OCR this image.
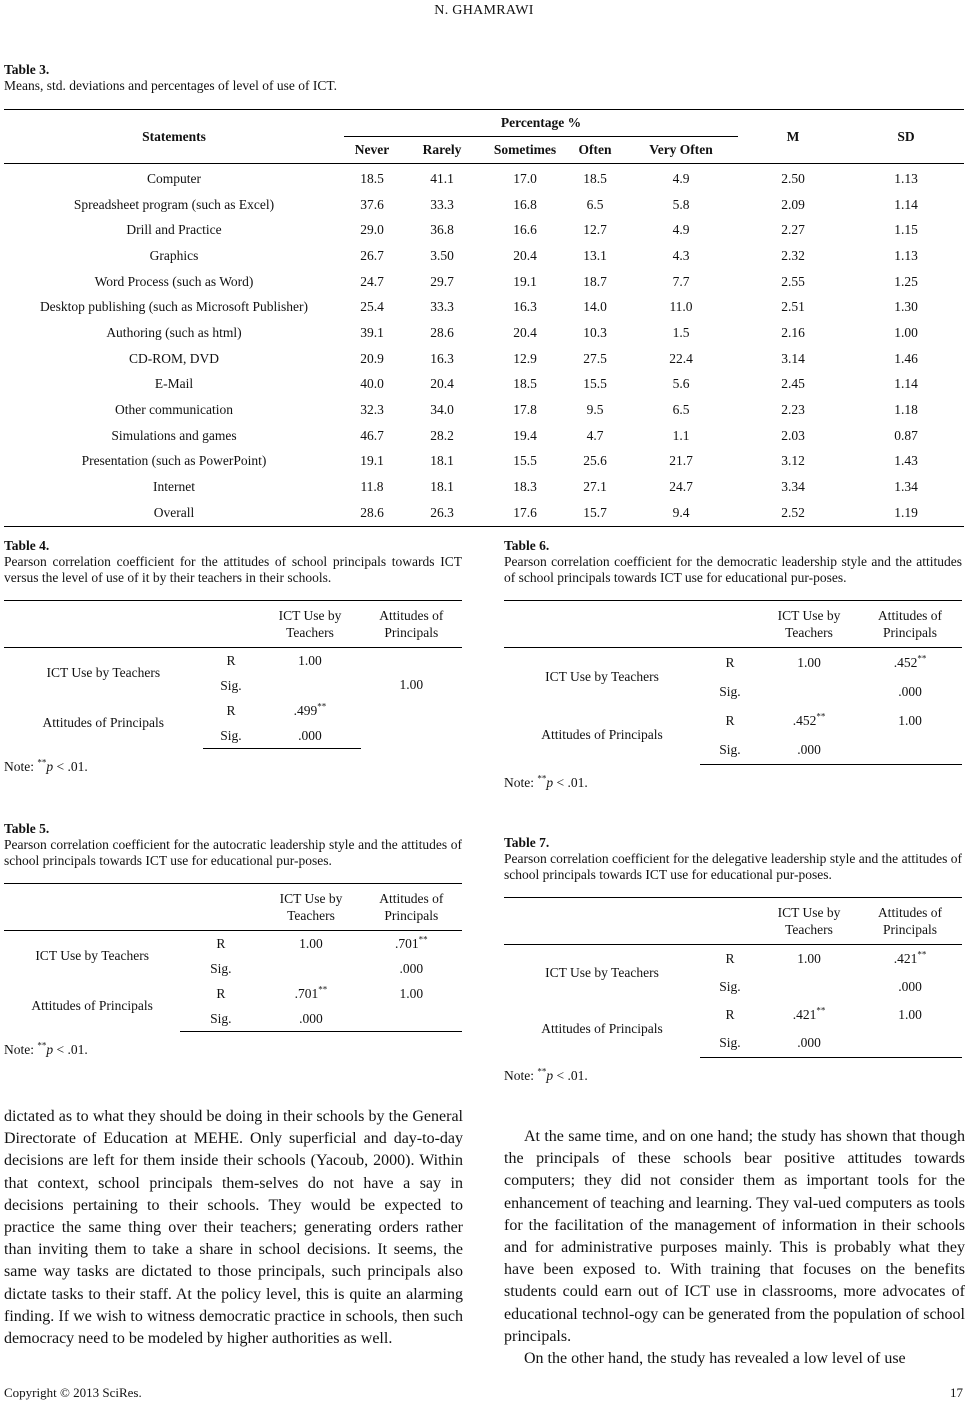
N. GHAMRAWI
Table 3.
Means, std. deviations and percentages of level of use of ICT.
Statements	Percentage %					M	SD
	Never	Rarely	Sometimes	Often	Very Often		
Computer	18.5	41.1	17.0	18.5	4.9	2.50	1.13
Spreadsheet program (such as Excel)	37.6	33.3	16.8	6.5	5.8	2.09	1.14
Drill and Practice	29.0	36.8	16.6	12.7	4.9	2.27	1.15
Graphics	26.7	3.50	20.4	13.1	4.3	2.32	1.13
Word Process (such as Word)	24.7	29.7	19.1	18.7	7.7	2.55	1.25
Desktop publishing (such as Microsoft Publisher)	25.4	33.3	16.3	14.0	11.0	2.51	1.30
Authoring (such as html)	39.1	28.6	20.4	10.3	1.5	2.16	1.00
CD-ROM, DVD	20.9	16.3	12.9	27.5	22.4	3.14	1.46
E-Mail	40.0	20.4	18.5	15.5	5.6	2.45	1.14
Other communication	32.3	34.0	17.8	9.5	6.5	2.23	1.18
Simulations and games	46.7	28.2	19.4	4.7	1.1	2.03	0.87
Presentation (such as PowerPoint)	19.1	18.1	15.5	25.6	21.7	3.12	1.43
Internet	11.8	18.1	18.3	27.1	24.7	3.34	1.34
Overall	28.6	26.3	17.6	15.7	9.4	2.52	1.19
Table 4.
Pearson correlation coefficient for the attitudes of school principals towards ICT versus the level of use of it by their teachers in their schools.
		ICT Use by Teachers	Attitudes of Principals
ICT Use by Teachers	R	1.00	1.00
	Sig.		
Attitudes of Principals	R	.499**	
	Sig.	.000	
Note: **p < .01.
Table 5.
Pearson correlation coefficient for the autocratic leadership style and the attitudes of school principals towards ICT use for educational pur-poses.
		ICT Use by Teachers	Attitudes of Principals
ICT Use by Teachers	R	1.00	.701**
	Sig.		.000
Attitudes of Principals	R	.701**	1.00
	Sig.	.000	
Note: **p < .01.
Table 6.
Pearson correlation coefficient for the democratic leadership style and the attitudes of school principals towards ICT use for educational pur-poses.
		ICT Use by Teachers	Attitudes of Principals
ICT Use by Teachers	R	1.00	.452**
	Sig.		.000
Attitudes of Principals	R	.452**	1.00
	Sig.	.000	
Note: **p < .01.
Table 7.
Pearson correlation coefficient for the delegative leadership style and the attitudes of school principals towards ICT use for educational pur-poses.
		ICT Use by Teachers	Attitudes of Principals
ICT Use by Teachers	R	1.00	.421**
	Sig.		.000
Attitudes of Principals	R	.421**	1.00
	Sig.	.000	
Note: **p < .01.

dictated as to what they should be doing in their schools by the General Directorate of Education at MEHE. Only superficial and day-to-day decisions are left for them inside their schools (Yacoub, 2000). Within that context, school principals them-selves do not have a say in decisions pertaining to their schools. They would be expected to practice the same thing over their teachers; generating orders rather than inviting them to take a share in school decisions. It seems, the same way tasks are dictated to those principals, such principals also dictate tasks to their staff. At the policy level, this is quite an alarming finding. If we wish to witness democratic practice in schools, then such democracy need to be modeled by higher authorities as well.

At the same time, and on one hand; the study has shown that though the principals of these schools bear positive attitudes towards computers; they did not consider them as important tools for the enhancement of teaching and learning. They val-ued computers as tools for the facilitation of the management of information in their schools and for administrative purposes mainly. This is probably what they have been exposed to. With training that focuses on the benefits students could earn out of ICT use in classrooms, more advocates of educational technol-ogy can be generated from the population of school principals.

On the other hand, the study has revealed a low level of use

Copyright © 2013 SciRes.	17
